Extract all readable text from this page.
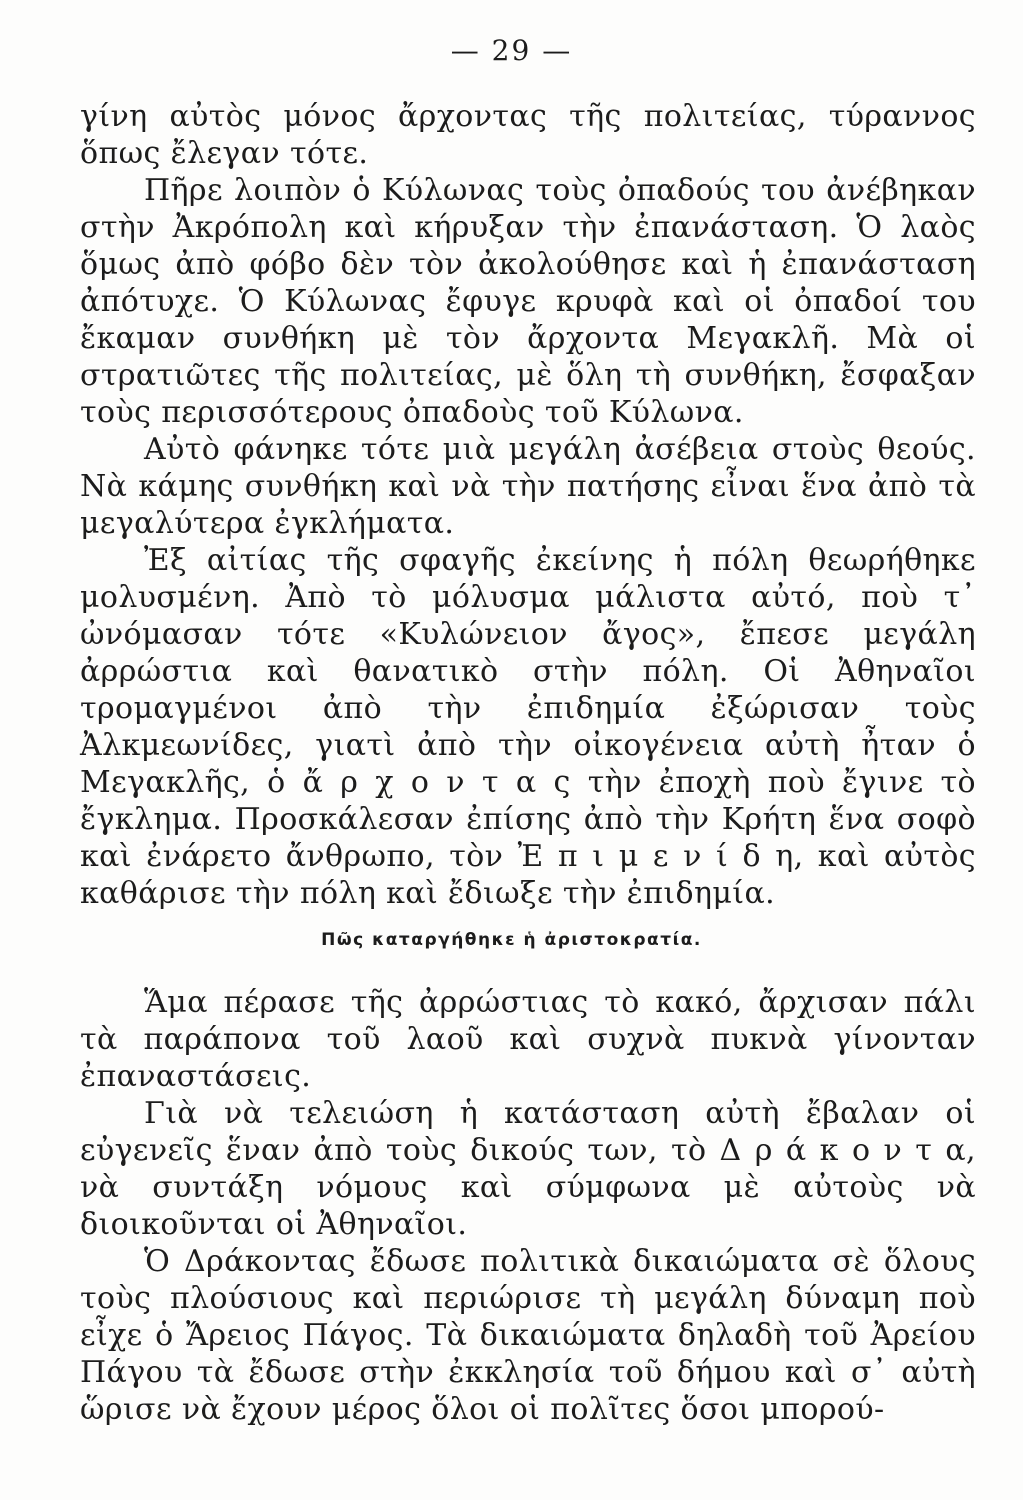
— 29 —

γίνη αὐτὸς μόνος ἄρχοντας τῆς πολιτείας, τύραννος ὅπως ἔλεγαν τότε.

Πῆρε λοιπὸν ὁ Κύλωνας τοὺς ὀπαδούς του ἀνέβηκαν στὴν Ἀκρόπολη καὶ κήρυξαν τὴν ἐπανάσταση. Ὁ λαὸς ὅμως ἀπὸ φόβο δὲν τὸν ἀκολούθησε καὶ ἡ ἐπανάσταση ἀπότυχε. Ὁ Κύλωνας ἔφυγε κρυφὰ καὶ οἱ ὀπαδοί του ἔκαμαν συνθήκη μὲ τὸν ἄρχοντα Μεγακλῆ. Μὰ οἱ στρατιῶτες τῆς πολιτείας, μὲ ὅλη τὴ συνθήκη, ἔσφαξαν τοὺς περισσότερους ὀπαδοὺς τοῦ Κύλωνα.

Αὐτὸ φάνηκε τότε μιὰ μεγάλη ἀσέβεια στοὺς θεούς. Νὰ κάμης συνθήκη καὶ νὰ τὴν πατήσης εἶναι ἕνα ἀπὸ τὰ μεγαλύτερα ἐγκλήματα.

Ἐξ αἰτίας τῆς σφαγῆς ἐκείνης ἡ πόλη θεωρήθηκε μολυσμένη. Ἀπὸ τὸ μόλυσμα μάλιστα αὐτό, ποὺ τ᾽ ὠνόμασαν τότε «Κυλώνειον ἄγος», ἔπεσε μεγάλη ἀρρώστια καὶ θανατικὸ στὴν πόλη. Οἱ Ἀθηναῖοι τρομαγμένοι ἀπὸ τὴν ἐπιδημία ἐξώρισαν τοὺς Ἀλκμεωνίδες, γιατὶ ἀπὸ τὴν οἰκογένεια αὐτὴ ἦταν ὁ Μεγακλῆς, ὁ ἄ ρ χ ο ν τ α ς τὴν ἐποχὴ ποὺ ἔγινε τὸ ἔγκλημα. Προσκάλεσαν ἐπίσης ἀπὸ τὴν Κρήτη ἕνα σοφὸ καὶ ἐνάρετο ἄνθρωπο, τὸν Ἐ π ι μ ε ν ί δ η, καὶ αὐτὸς καθάρισε τὴν πόλη καὶ ἔδιωξε τὴν ἐπιδημία.

Πῶς καταργήθηκε ἡ ἀριστοκρατία.

Ἅμα πέρασε τῆς ἀρρώστιας τὸ κακό, ἄρχισαν πάλι τὰ παράπονα τοῦ λαοῦ καὶ συχνὰ πυκνὰ γίνονταν ἐπαναστάσεις.

Γιὰ νὰ τελειώση ἡ κατάσταση αὐτὴ ἔβαλαν οἱ εὐγενεῖς ἕναν ἀπὸ τοὺς δικούς των, τὸ Δ ρ ά κ ο ν τ α, νὰ συντάξη νόμους καὶ σύμφωνα μὲ αὐτοὺς νὰ διοικοῦνται οἱ Ἀθηναῖοι.

Ὁ Δράκοντας ἔδωσε πολιτικὰ δικαιώματα σὲ ὅλους τοὺς πλούσιους καὶ περιώρισε τὴ μεγάλη δύναμη ποὺ εἶχε ὁ Ἄρειος Πάγος. Τὰ δικαιώματα δηλαδὴ τοῦ Ἀρείου Πάγου τὰ ἔδωσε στὴν ἐκκλησία τοῦ δήμου καὶ σ᾽ αὐτὴ ὥρισε νὰ ἔχουν μέρος ὅλοι οἱ πολῖτες ὅσοι μπορού-
